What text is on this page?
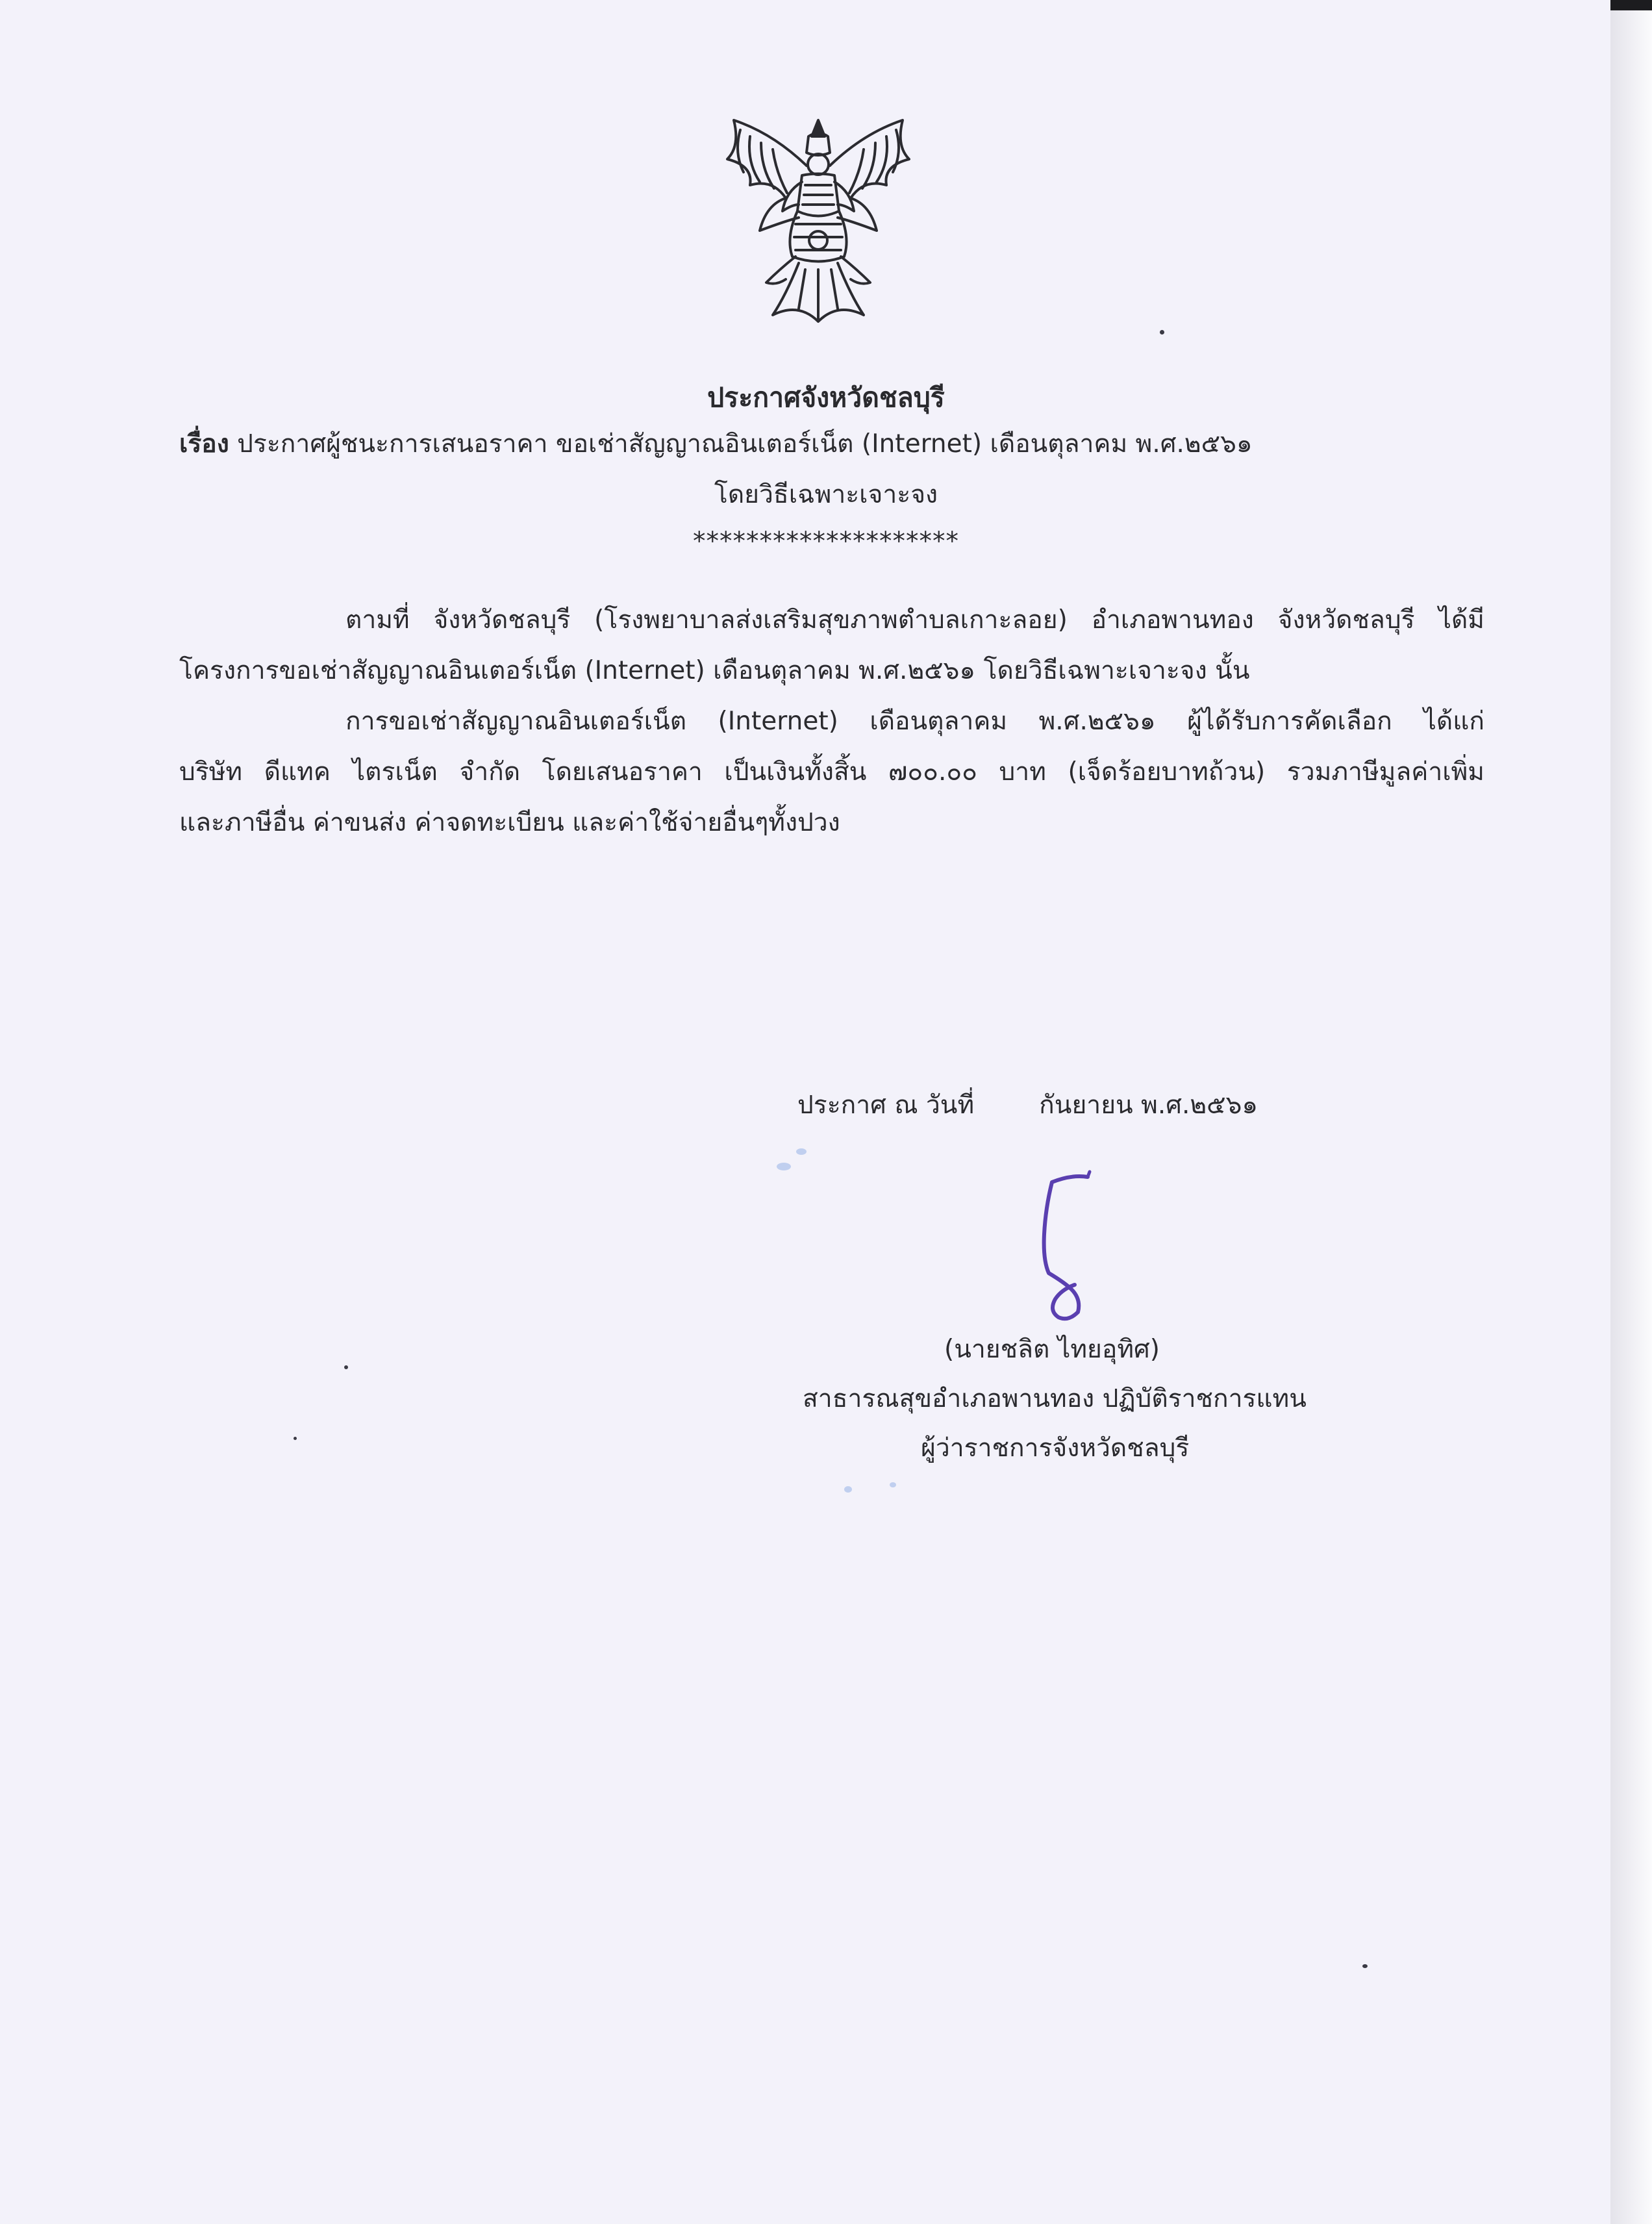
ประกาศจังหวัดชลบุรี
เรื่อง ประกาศผู้ชนะการเสนอราคา ขอเช่าสัญญาณอินเตอร์เน็ต (Internet) เดือนตุลาคม พ.ศ.๒๕๖๑
โดยวิธีเฉพาะเจาะจง
********************
ตามที่ จังหวัดชลบุรี (โรงพยาบาลส่งเสริมสุขภาพตำบลเกาะลอย) อำเภอพานทอง จังหวัดชลบุรี ได้มี
โครงการขอเช่าสัญญาณอินเตอร์เน็ต (Internet) เดือนตุลาคม พ.ศ.๒๕๖๑ โดยวิธีเฉพาะเจาะจง นั้น
การขอเช่าสัญญาณอินเตอร์เน็ต (Internet) เดือนตุลาคม พ.ศ.๒๕๖๑ ผู้ได้รับการคัดเลือก ได้แก่
บริษัท ดีแทค ไตรเน็ต จำกัด โดยเสนอราคา เป็นเงินทั้งสิ้น ๗๐๐.๐๐ บาท (เจ็ดร้อยบาทถ้วน) รวมภาษีมูลค่าเพิ่ม
และภาษีอื่น ค่าขนส่ง ค่าจดทะเบียน และค่าใช้จ่ายอื่นๆทั้งปวง
ประกาศ ณ วันที่	กันยายน พ.ศ.๒๕๖๑
(นายชลิต ไทยอุทิศ)
สาธารณสุขอำเภอพานทอง ปฏิบัติราชการแทน
ผู้ว่าราชการจังหวัดชลบุรี
